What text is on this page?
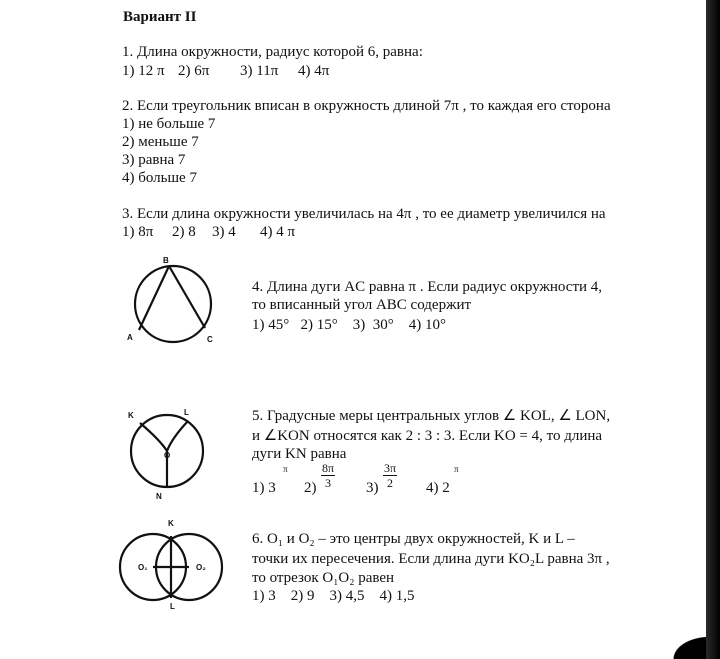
Вариант II
1. Длина окружности, радиус которой 6, равна:
1) 12 π 2) 6π 3) 11π 4) 4π
2. Если треугольник вписан в окружность длиной 7π , то каждая его сторона
1) не больше 7
2) меньше 7
3) равна 7
4) больше 7
3. Если длина окружности увеличилась на 4π , то ее диаметр увеличился на
1) 8π 2) 8 3) 4 4) 4 π
B
A	C
4. Длина дуги AC равна π . Если радиус окружности 4,
то вписанный угол ABC содержит
1) 45°   2) 15°    3)  30°    4) 10°
K	L
O
N
5. Градусные меры центральных углов ∠ KOL, ∠ LON,
и ∠KON относятся как 2 : 3 : 3. Если KO = 4, то длина
дуги KN равна
π
1) 3 $2) \frac{8\pi}{3} 3) \frac{3\pi}{2}$	π
4) 2
K
O₁	O₂
L
6. O₁ и O₂ – это центры двух окружностей, K и L –
точки их пересечения. Если длина дуги KO₂L равна 3π ,
то отрезок O₁O₂ равен
1) 3    2) 9    3) 4,5    4) 1,5
